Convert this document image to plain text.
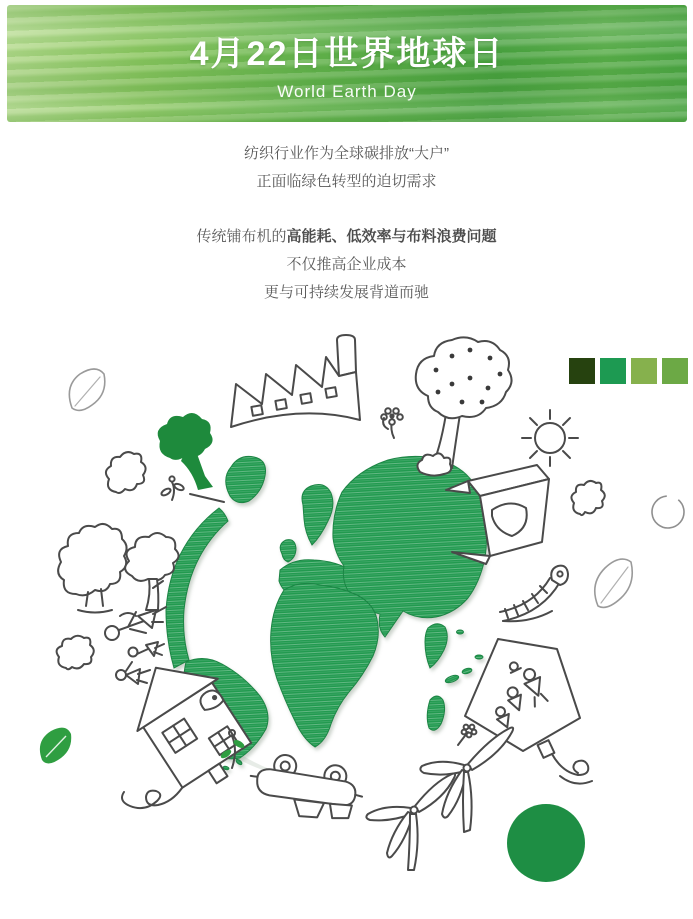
4月22日世界地球日
World Earth Day

纺织行业作为全球碳排放“大户”

正面临绿色转型的迫切需求

传统铺布机的高能耗、低效率与布料浪费问题

不仅推高企业成本

更与可持续发展背道而驰
